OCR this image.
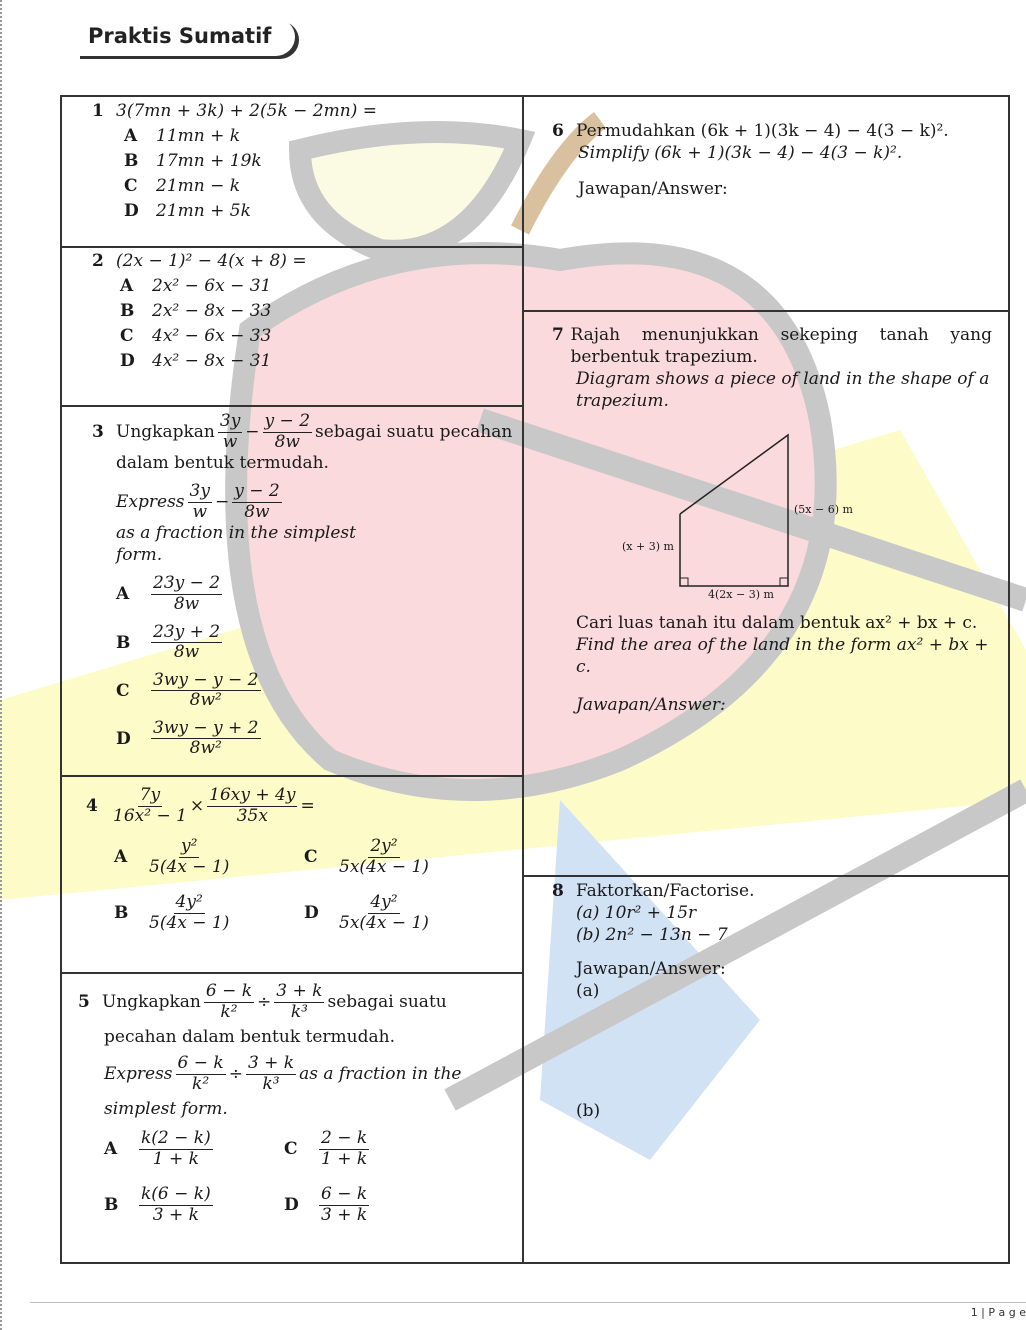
Praktis Sumatif
1 3(7mn + 3k) + 2(5k − 2mn) =
A	11mn + k
B	17mn + 19k
C	21mn − k
D	21mn + 5k
2 (2x − 1)² − 4(x + 8) =
A	2x² − 6x − 31
B	2x² − 8x − 33
C	4x² − 6x − 33
D	4x² − 8x − 31
3 Ungkapkan $\frac{3y}{w} - \frac{y - 2}{8w}$ sebagai suatu pecahan
dalam bentuk termudah.
Express $\frac{3y}{w} - \frac{y - 2}{8w}$
as a fraction in the simplest
form.
A	$\frac{23y - 2}{8w}$
B	$\frac{23y + 2}{8w}$
C	$\frac{3wy - y - 2}{\text{8w²}}$
D	$\frac{3wy - y + 2}{\text{8w²}}$
$4 \frac{7y}{\text{16x² − 1}} \times \frac{16xy + 4y}{35x}$ =
A	$\frac{\text{y²}}{5(4x - 1)}$	C	$\frac{\text{2y²}}{5x(4x - 1)}$
B	$\frac{\text{4y²}}{5(4x - 1)}$	D	$\frac{\text{4y²}}{5x(4x - 1)}$
5 Ungkapkan $\frac{6 - k}{\text{k²}} \div \frac{3 + k}{\text{k³}}$ sebagai suatu
pecahan dalam bentuk termudah.
Express $\frac{6 - k}{\text{k²}} \div \frac{3 + k}{\text{k³}}$ as a fraction in the
simplest form.
A	$\frac{k(2 - k)}{1 + k}$	C	$\frac{2 - k}{1 + k}$
B	$\frac{k(6 - k)}{3 + k}$	D	$\frac{6 - k}{3 + k}$
6 Permudahkan (6k + 1)(3k − 4) − 4(3 − k)².
Simplify (6k + 1)(3k − 4) − 4(3 − k)².
Jawapan/Answer:
7 Rajah menunjukkan sekeping tanah yang berbentuk trapezium.
Diagram shows a piece of land in the shape of a trapezium.
(x + 3) m
(5x − 6) m
4(2x − 3) m
Cari luas tanah itu dalam bentuk ax² + bx + c.
Find the area of the land in the form ax² + bx + c.
Jawapan/Answer:
8 Faktorkan/Factorise.
(a) 10r² + 15r
(b) 2n² − 13n − 7
Jawapan/Answer:
(a)
(b)
1 | P a g e
